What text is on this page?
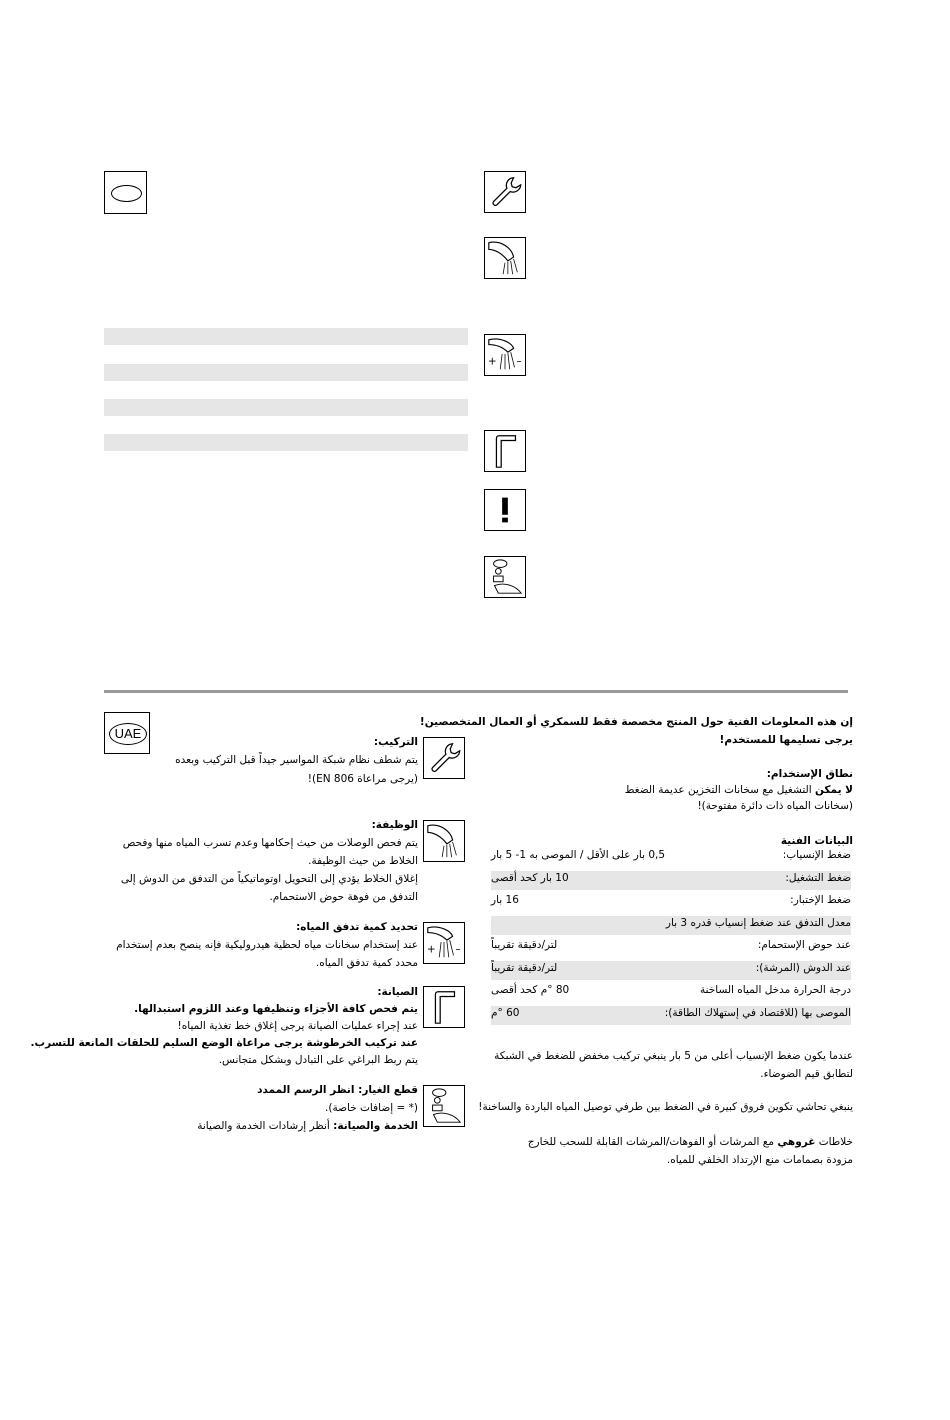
+ –
UAE
التركيب:
يتم شطف نظام شبكة المواسير جيداً قبل التركيب وبعده
(يرجى مراعاة EN 806)!
الوظيفة:
يتم فحص الوصلات من حيث إحكامها وعدم تسرب المياه منها وفحص
الخلاط من حيث الوظيفة.
إغلاق الخلاط يؤدي إلى التحويل اوتوماتيكياً من التدفق من الدوش إلى
التدفق من فوهة حوض الاستحمام.
+ –
تحديد كمية تدفق المياه:
عند إستخدام سخانات مياه لحظية هيدروليكية فإنه ينصح بعدم إستخدام
محدد كمية تدفق المياه.
الصيانة:
يتم فحص كافة الأجزاء وتنظيفها وعند اللزوم استبدالها.
عند إجراء عمليات الصيانة يرجى إغلاق خط تغذية المياه!
عند تركيب الخرطوشة يرجى مراعاة الوضع السليم للحلقات المانعة للتسرب.
يتم ربط البراغي على التبادل وبشكل متجانس.
قطع الغيار: انظر الرسم الممدد
(* = إضافات خاصة).
الخدمة والصيانة: أنظر إرشادات الخدمة والصيانة
إن هذه المعلومات الفنية حول المنتج مخصصة فقط للسمكري أو العمال المتخصصين!
يرجى تسليمها للمستخدم!
نطاق الإستخدام:
لا يمكن التشغيل مع سخانات التخزين عديمة الضغط
(سخانات المياه ذات دائرة مفتوحة)!
البيانات الفنية
ضغط الإنسياب:
0,5 بار على الأقل / الموصى به 1- 5 بار
ضغط التشغيل:
10 بار كحد أقصى
ضغط الإختبار:
16 بار
معدل التدفق عند ضغط إنسياب قدره 3 بار
عند حوض الإستحمام:
لتر/دقيقة تقريباً
عند الدوش (المرشة):
لتر/دقيقة تقريباً
درجة الحرارة مدخل المياه الساخنة
80 °م كحد أقصى
الموصى بها (للاقتصاد في إستهلاك الطاقة):
60 °م
عندما يكون ضغط الإنسياب أعلى من 5 بار ينبغي تركيب مخفض للضغط في الشبكة
لتطابق قيم الضوضاء.
ينبغي تحاشي تكوين فروق كبيرة في الضغط بين طرفي توصيل المياه الباردة والساخنة!
خلاطات غروهي مع المرشات أو الفوهات/المرشات القابلة للسحب للخارج
مزودة بصمامات منع الإرتداد الخلفي للمياه.
